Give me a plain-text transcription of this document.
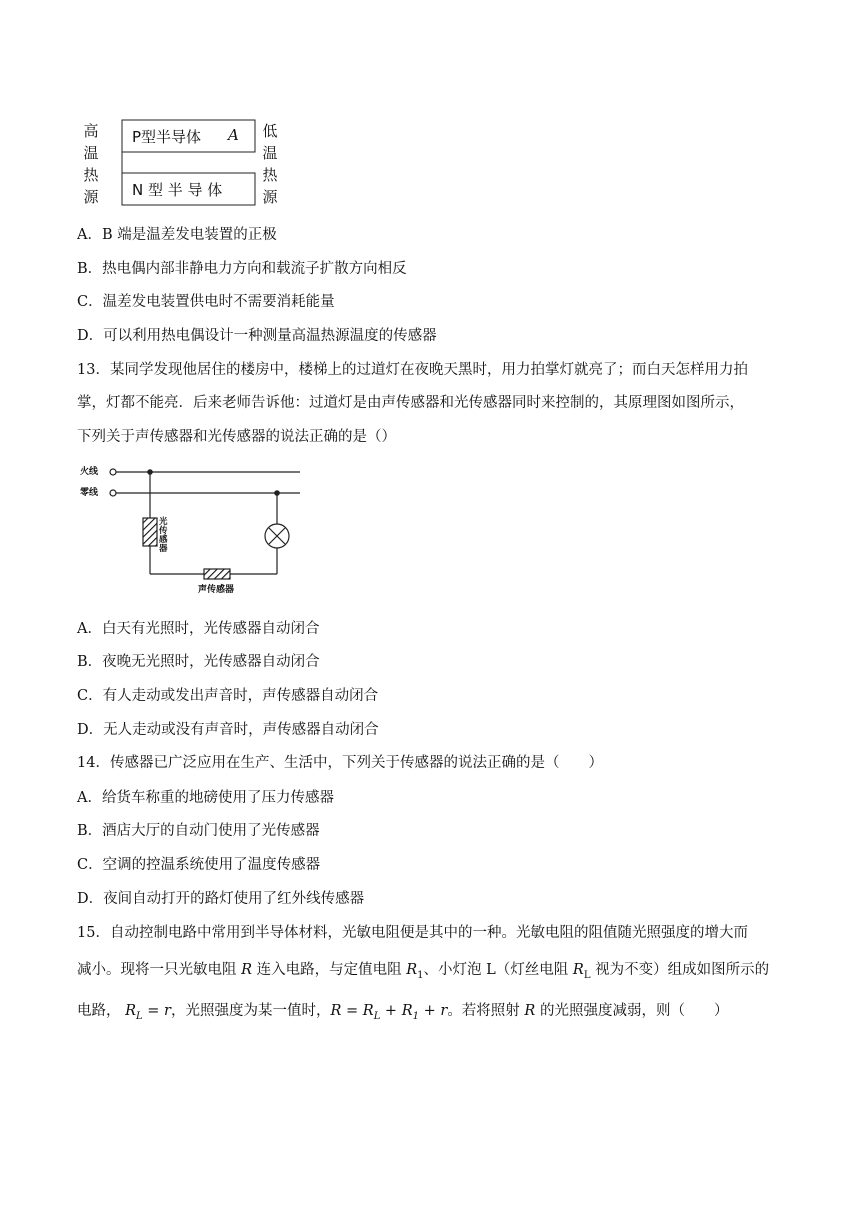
高
温
热
源
低
温
热
源
P型半导体 A
N 型 半 导 体
A．B 端是温差发电装置的正极
B．热电偶内部非静电力方向和载流子扩散方向相反
C．温差发电装置供电时不需要消耗能量
D．可以利用热电偶设计一种测量高温热源温度的传感器
13．某同学发现他居住的楼房中，楼梯上的过道灯在夜晚天黑时，用力拍掌灯就亮了；而白天怎样用力拍
掌，灯都不能亮．后来老师告诉他：过道灯是由声传感器和光传感器同时来控制的，其原理图如图所示，
下列关于声传感器和光传感器的说法正确的是（）
火线
零线
光
传
感
器
声传感器
A．白天有光照时，光传感器自动闭合
B．夜晚无光照时，光传感器自动闭合
C．有人走动或发出声音时，声传感器自动闭合
D．无人走动或没有声音时，声传感器自动闭合
14．传感器已广泛应用在生产、生活中，下列关于传感器的说法正确的是（　　）
A．给货车称重的地磅使用了压力传感器
B．酒店大厅的自动门使用了光传感器
C．空调的控温系统使用了温度传感器
D．夜间自动打开的路灯使用了红外线传感器
15．自动控制电路中常用到半导体材料，光敏电阻便是其中的一种。光敏电阻的阻值随光照强度的增大而
减小。现将一只光敏电阻 R 连入电路，与定值电阻 $R_1$、小灯泡 L（灯丝电阻 $R_L$ 视为不变）组成如图所示的
电路， $R_L = r$，光照强度为某一值时，$R = R_L + R_1 + r$。若将照射 R 的光照强度减弱，则（　　）
